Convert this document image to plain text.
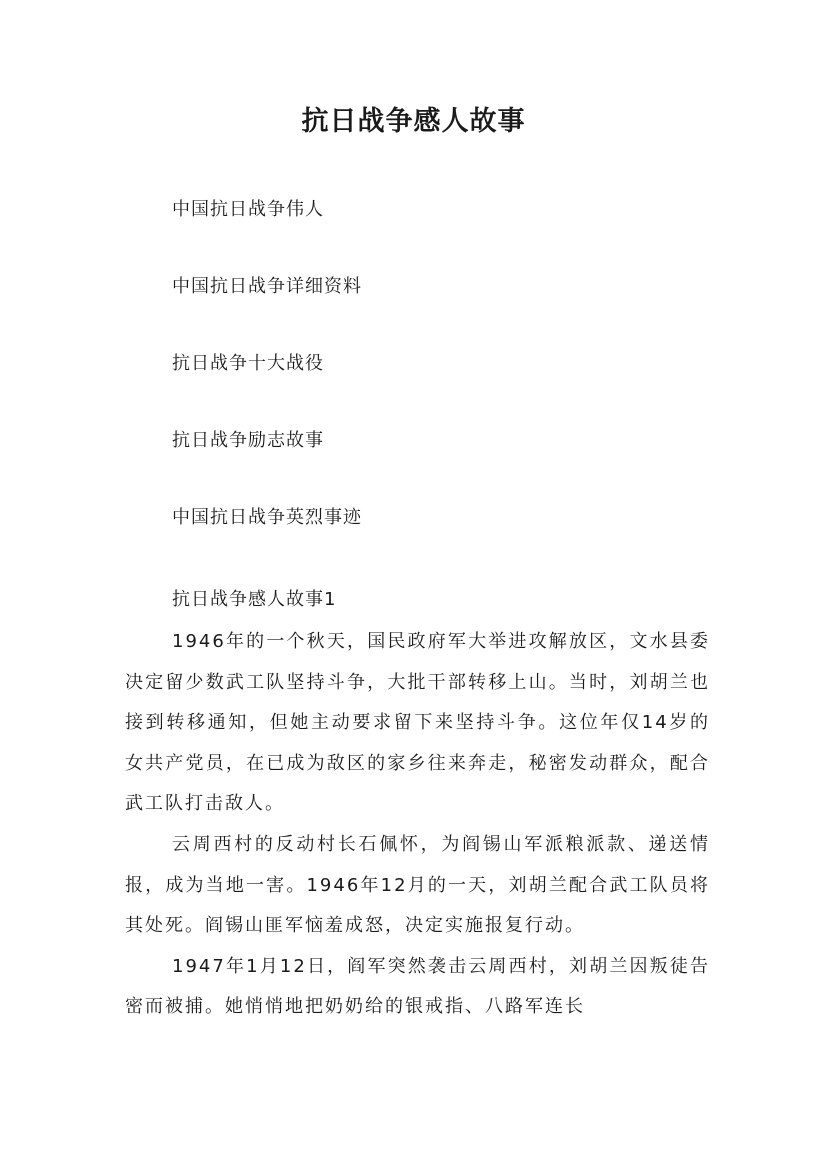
抗日战争感人故事
中国抗日战争伟人
中国抗日战争详细资料
抗日战争十大战役
抗日战争励志故事
中国抗日战争英烈事迹
抗日战争感人故事1

1946年的一个秋天，国民政府军大举进攻解放区，文水县委决定留少数武工队坚持斗争，大批干部转移上山。当时，刘胡兰也接到转移通知，但她主动要求留下来坚持斗争。这位年仅14岁的女共产党员，在已成为敌区的家乡往来奔走，秘密发动群众，配合武工队打击敌人。

云周西村的反动村长石佩怀，为阎锡山军派粮派款、递送情报，成为当地一害。1946年12月的一天，刘胡兰配合武工队员将其处死。阎锡山匪军恼羞成怒，决定实施报复行动。

1947年1月12日，阎军突然袭击云周西村，刘胡兰因叛徒告密而被捕。她悄悄地把奶奶给的银戒指、八路军连长
